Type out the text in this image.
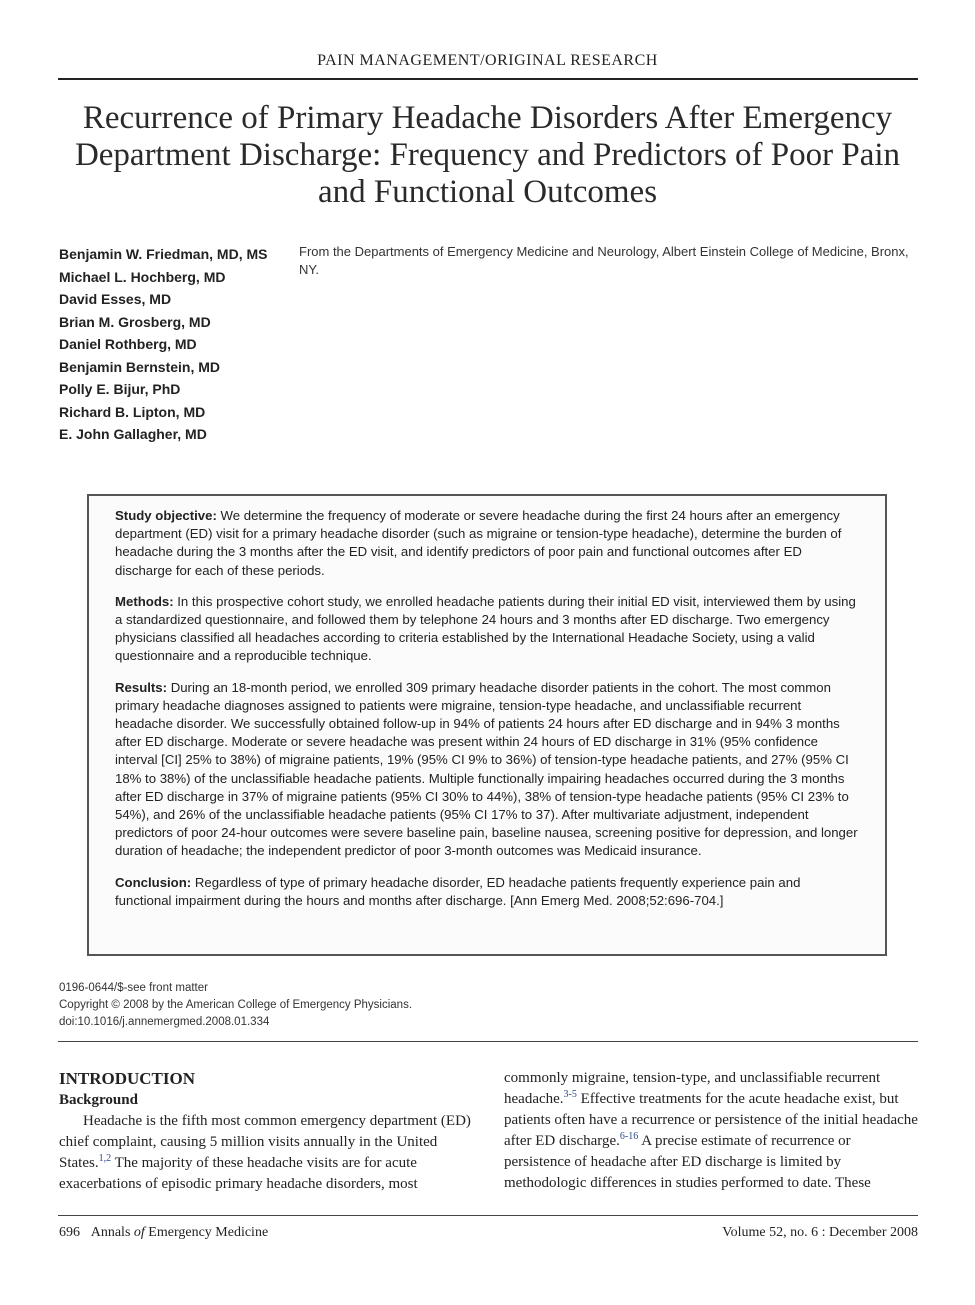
PAIN MANAGEMENT/ORIGINAL RESEARCH
Recurrence of Primary Headache Disorders After Emergency Department Discharge: Frequency and Predictors of Poor Pain and Functional Outcomes
Benjamin W. Friedman, MD, MS
Michael L. Hochberg, MD
David Esses, MD
Brian M. Grosberg, MD
Daniel Rothberg, MD
Benjamin Bernstein, MD
Polly E. Bijur, PhD
Richard B. Lipton, MD
E. John Gallagher, MD
From the Departments of Emergency Medicine and Neurology, Albert Einstein College of Medicine, Bronx, NY.

Study objective: We determine the frequency of moderate or severe headache during the first 24 hours after an emergency department (ED) visit for a primary headache disorder (such as migraine or tension-type headache), determine the burden of headache during the 3 months after the ED visit, and identify predictors of poor pain and functional outcomes after ED discharge for each of these periods.

Methods: In this prospective cohort study, we enrolled headache patients during their initial ED visit, interviewed them by using a standardized questionnaire, and followed them by telephone 24 hours and 3 months after ED discharge. Two emergency physicians classified all headaches according to criteria established by the International Headache Society, using a valid questionnaire and a reproducible technique.

Results: During an 18-month period, we enrolled 309 primary headache disorder patients in the cohort. The most common primary headache diagnoses assigned to patients were migraine, tension-type headache, and unclassifiable recurrent headache disorder. We successfully obtained follow-up in 94% of patients 24 hours after ED discharge and in 94% 3 months after ED discharge. Moderate or severe headache was present within 24 hours of ED discharge in 31% (95% confidence interval [CI] 25% to 38%) of migraine patients, 19% (95% CI 9% to 36%) of tension-type headache patients, and 27% (95% CI 18% to 38%) of the unclassifiable headache patients. Multiple functionally impairing headaches occurred during the 3 months after ED discharge in 37% of migraine patients (95% CI 30% to 44%), 38% of tension-type headache patients (95% CI 23% to 54%), and 26% of the unclassifiable headache patients (95% CI 17% to 37). After multivariate adjustment, independent predictors of poor 24-hour outcomes were severe baseline pain, baseline nausea, screening positive for depression, and longer duration of headache; the independent predictor of poor 3-month outcomes was Medicaid insurance.

Conclusion: Regardless of type of primary headache disorder, ED headache patients frequently experience pain and functional impairment during the hours and months after discharge. [Ann Emerg Med. 2008;52:696-704.]

0196-0644/$-see front matter
Copyright © 2008 by the American College of Emergency Physicians.
doi:10.1016/j.annemergmed.2008.01.334
INTRODUCTION
Background

Headache is the fifth most common emergency department (ED) chief complaint, causing 5 million visits annually in the United States.$^{1,2}$ The majority of these headache visits are for acute exacerbations of episodic primary headache disorders, most

commonly migraine, tension-type, and unclassifiable recurrent headache.$^{3-5}$ Effective treatments for the acute headache exist, but patients often have a recurrence or persistence of the initial headache after ED discharge.$^{6-16}$ A precise estimate of recurrence or persistence of headache after ED discharge is limited by methodologic differences in studies performed to date. These

696 Annals of Emergency Medicine	Volume 52, no. 6 : December 2008
